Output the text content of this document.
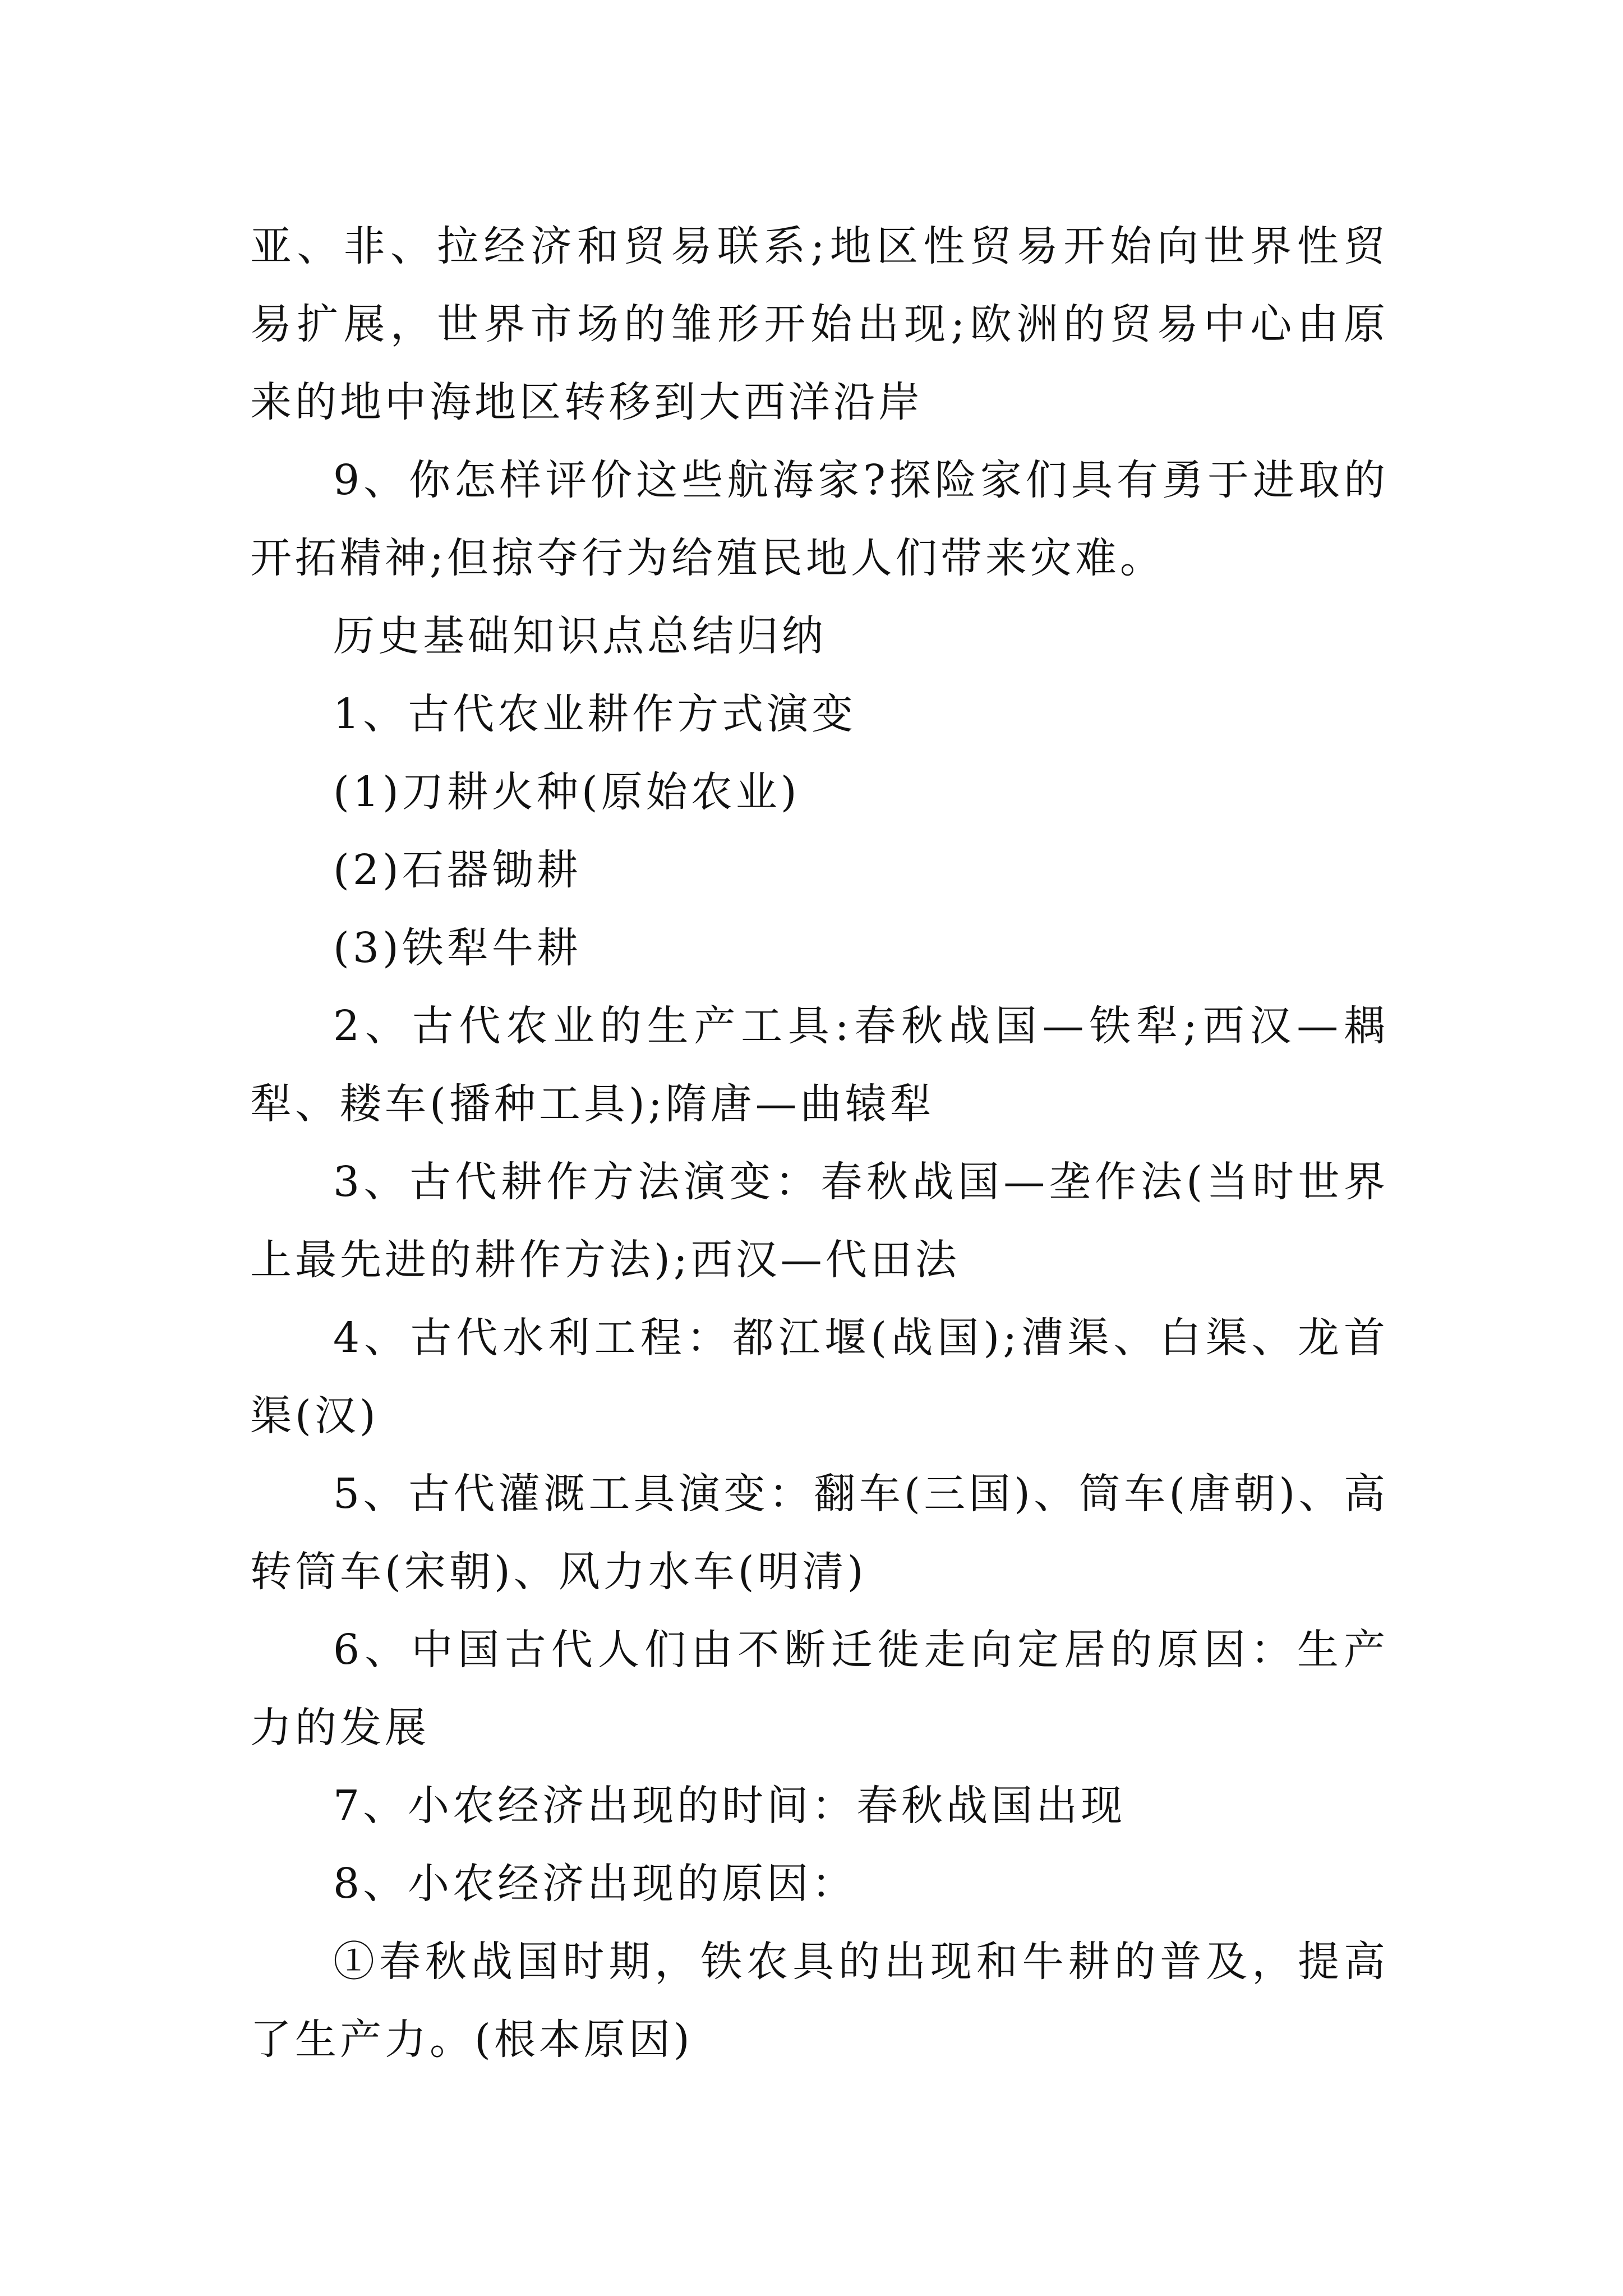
亚、非、拉经济和贸易联系;地区性贸易开始向世界性贸易扩展，世界市场的雏形开始出现;欧洲的贸易中心由原来的地中海地区转移到大西洋沿岸

9、你怎样评价这些航海家?探险家们具有勇于进取的开拓精神;但掠夺行为给殖民地人们带来灾难。

历史基础知识点总结归纳

1、古代农业耕作方式演变

(1)刀耕火种(原始农业)

(2)石器锄耕

(3)铁犁牛耕

2、古代农业的生产工具:春秋战国—铁犁;西汉—耦犁、耧车(播种工具);隋唐—曲辕犁

3、古代耕作方法演变：春秋战国—垄作法(当时世界上最先进的耕作方法);西汉—代田法

4、古代水利工程：都江堰(战国);漕渠、白渠、龙首渠(汉)

5、古代灌溉工具演变：翻车(三国)、筒车(唐朝)、高转筒车(宋朝)、风力水车(明清)

6、中国古代人们由不断迁徙走向定居的原因：生产力的发展

7、小农经济出现的时间：春秋战国出现

8、小农经济出现的原因：

①春秋战国时期，铁农具的出现和牛耕的普及，提高了生产力。(根本原因)
